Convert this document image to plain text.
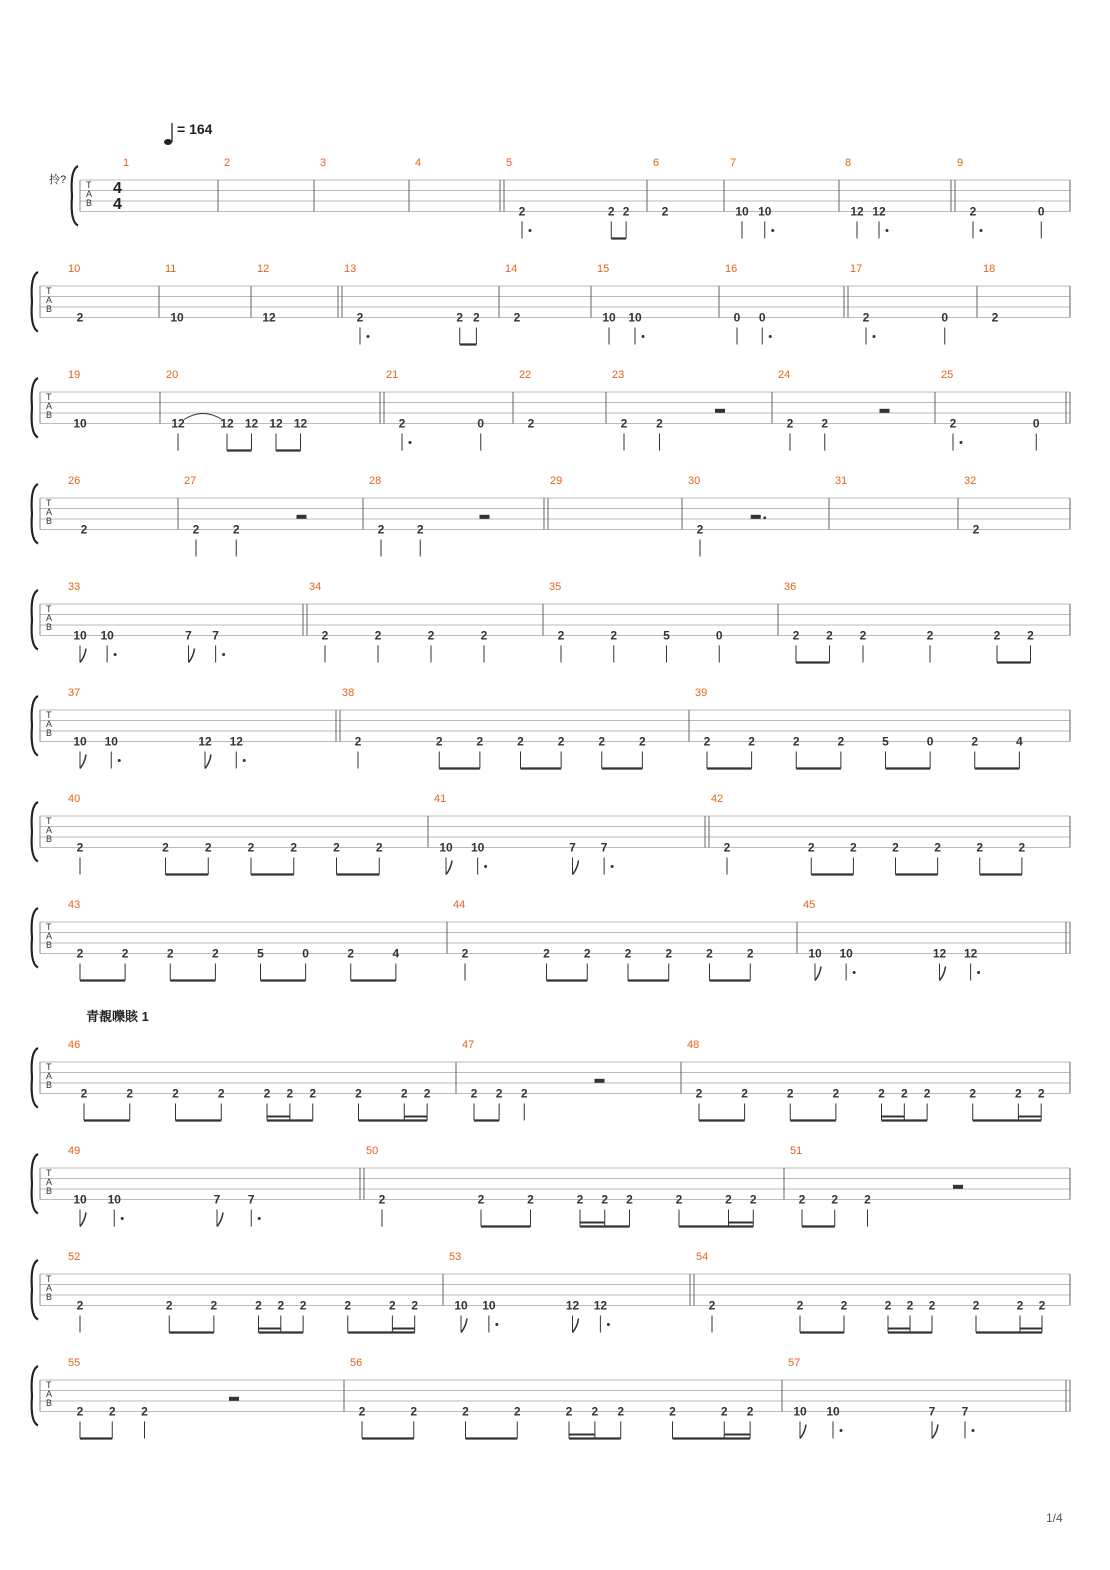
T
A
B
4
4
1	2	3	4	5
2	2 2
6
2
7
10 10
8
12 12
9
2	0
T
A
B
10
2
11
10
12
12
13
2	2 2
14
2
15
10 10
16
0 0
17
2	0
18
2
T
A
B
19
10
20
12	12 12 12 12
21
2	0
22
2
23
2 2
24
2 2
25
2	0
T
A
B
26
2
27
2	2
28
2	2
29	30
2
31	32
2
T
A
B
33
10 10	7 7
34
2	2	2	2
35
2	2	5	0
36
2 2 2	2	2 2
T
A
B
37
10 10	12 12
38
2	2	2	2	2	2	2
39
2	2	2	2	5	0	2	4
T
A
B
40
2	2	2	2	2	2	2
41
10 10	7 7
42
2	2	2	2	2	2	2
T
A
B
43
2	2	2	2	5	0	2	4
44
2	2	2	2	2	2	2
45
10 10	12 12
T
A
B
46
2	2	2	2	2 2 2	2	2 2
47
2 2 2
48
2	2	2	2	2 2 2	2	2 2
T
A
B
49
10 10	7 7
50
2	2	2	2 2 2	2	2 2
51
2 2 2
T
A
B
52
2	2	2	2 2 2	2	2 2
53
10 10	12 12
54
2	2	2	2 2 2	2	2 2
T
A
B
55
2 2 2
56
2	2	2	2	2 2 2	2	2 2
57
10 10	7 7
= 164
拎?
青覩嚛賅 1
1/4
